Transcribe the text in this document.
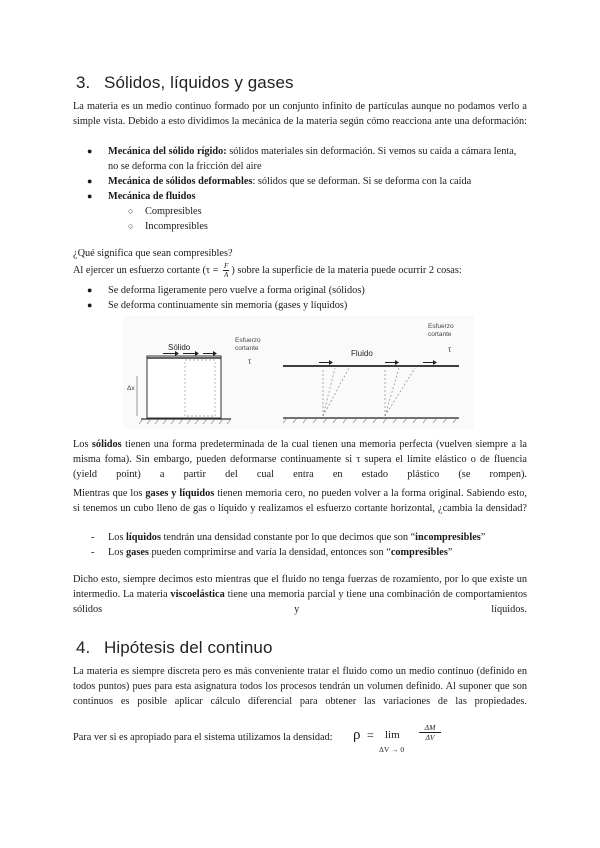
3. Sólidos, líquidos y gases
La materia es un medio continuo formado por un conjunto infinito de partículas aunque no podamos verlo a simple vista. Debido a esto dividimos la mecánica de la materia según cómo reacciona ante una deformación:
● Mecánica del sólido rígido: sólidos materiales sin deformación. Si vemos su caída a cámara lenta, no se deforma con la fricción del aire
● Mecánica de sólidos deformables: sólidos que se deforman. Si se deforma con la caída
● Mecánica de fluidos
○ Compresibles
○ Incompresibles
¿Qué significa que sean compresibles?
Al ejercer un esfuerzo cortante ($\tau = \frac{F}{A}$ ) sobre la superficie de la materia puede ocurrir 2 cosas:
● Se deforma ligeramente pero vuelve a forma original (sólidos)
● Se deforma continuamente sin memoria (gases y líquidos)
Sólido
Esfuerzo
cortante
τ
Δx
Fluido
Esfuerzo
cortante
τ
Los sólidos tienen una forma predeterminada de la cual tienen una memoria perfecta (vuelven siempre a la misma foma). Sin embargo, pueden deformarse continuamente si τ supera el límite elástico o de fluencia (yield point) a partir del cual entra en estado plástico (se rompen).
Mientras que los gases y líquidos tienen memoria cero, no pueden volver a la forma original. Sabiendo esto, si tenemos un cubo lleno de gas o líquido y realizamos el esfuerzo cortante horizontal, ¿cambia la densidad?
- Los líquidos tendrán una densidad constante por lo que decimos que son “incompresibles”
- Los gases pueden comprimirse and varía la densidad, entonces son “compresibles”
Dicho esto, siempre decimos esto mientras que el fluido no tenga fuerzas de rozamiento, por lo que existe un intermedio. La materia viscoelástica tiene una memoria parcial y tiene una combinación de comportamientos sólidos y líquidos.
4. Hipótesis del continuo
La materia es siempre discreta pero es más conveniente tratar el fluido como un medio continuo (definido en todos puntos) pues para esta asignatura todos los procesos tendrán un volumen definido. Al suponer que son continuos es posible aplicar cálculo diferencial para obtener las variaciones de las propiedades.
Para ver si es apropiado para el sistema utilizamos la densidad: ρ = lim
ΔV → 0
ΔM
ΔV
